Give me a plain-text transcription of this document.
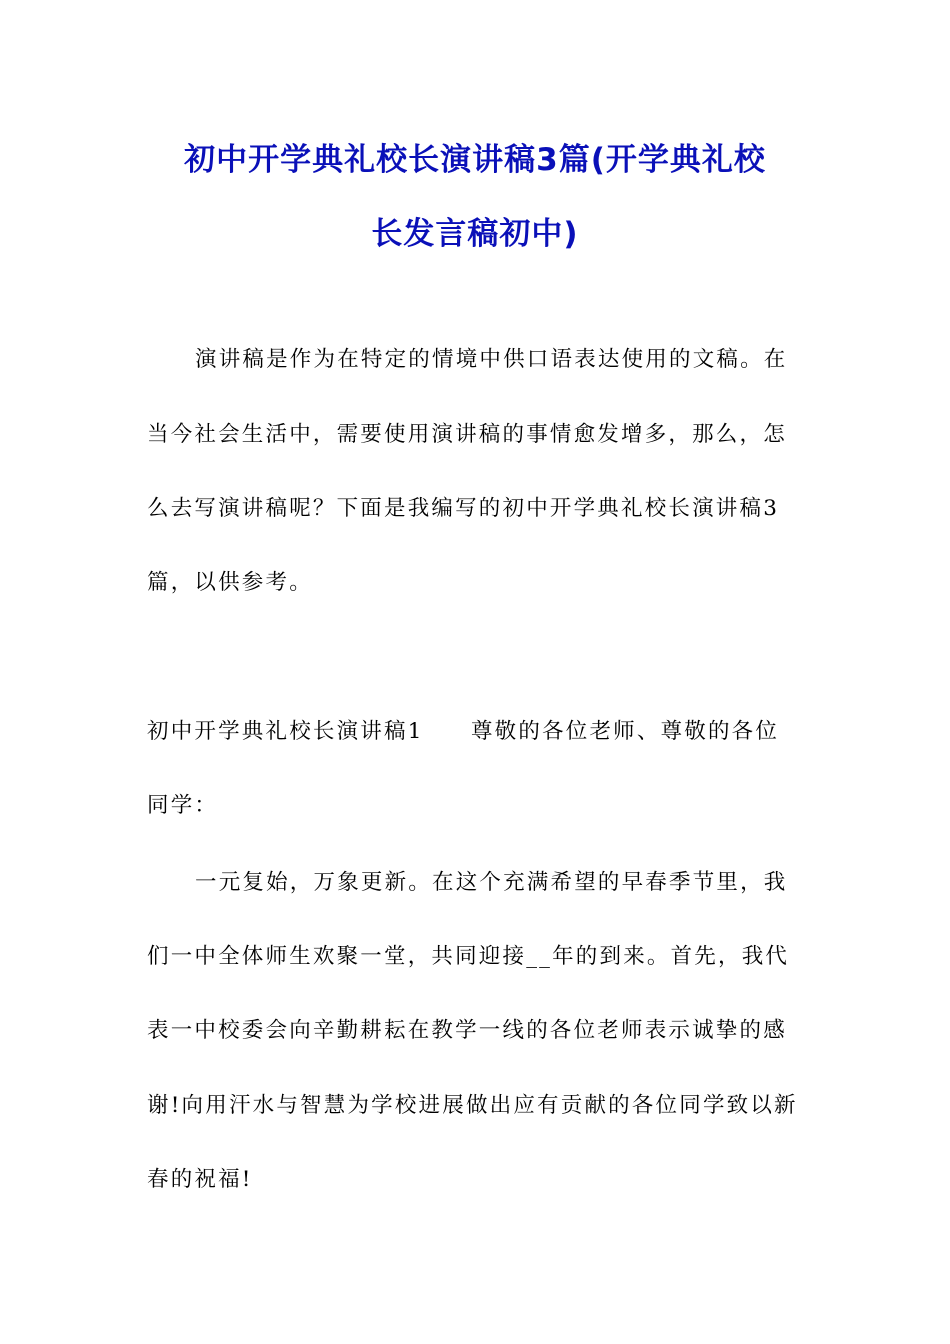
初中开学典礼校长演讲稿3篇(开学典礼校
长发言稿初中)
演讲稿是作为在特定的情境中供口语表达使用的文稿。在
当今社会生活中，需要使用演讲稿的事情愈发增多，那么，怎
么去写演讲稿呢？下面是我编写的初中开学典礼校长演讲稿3
篇，以供参考。
初中开学典礼校长演讲稿1　　尊敬的各位老师、尊敬的各位
同学：
一元复始，万象更新。在这个充满希望的早春季节里，我
们一中全体师生欢聚一堂，共同迎接__年的到来。首先，我代
表一中校委会向辛勤耕耘在教学一线的各位老师表示诚挚的感
谢!向用汗水与智慧为学校进展做出应有贡献的各位同学致以新
春的祝福!
